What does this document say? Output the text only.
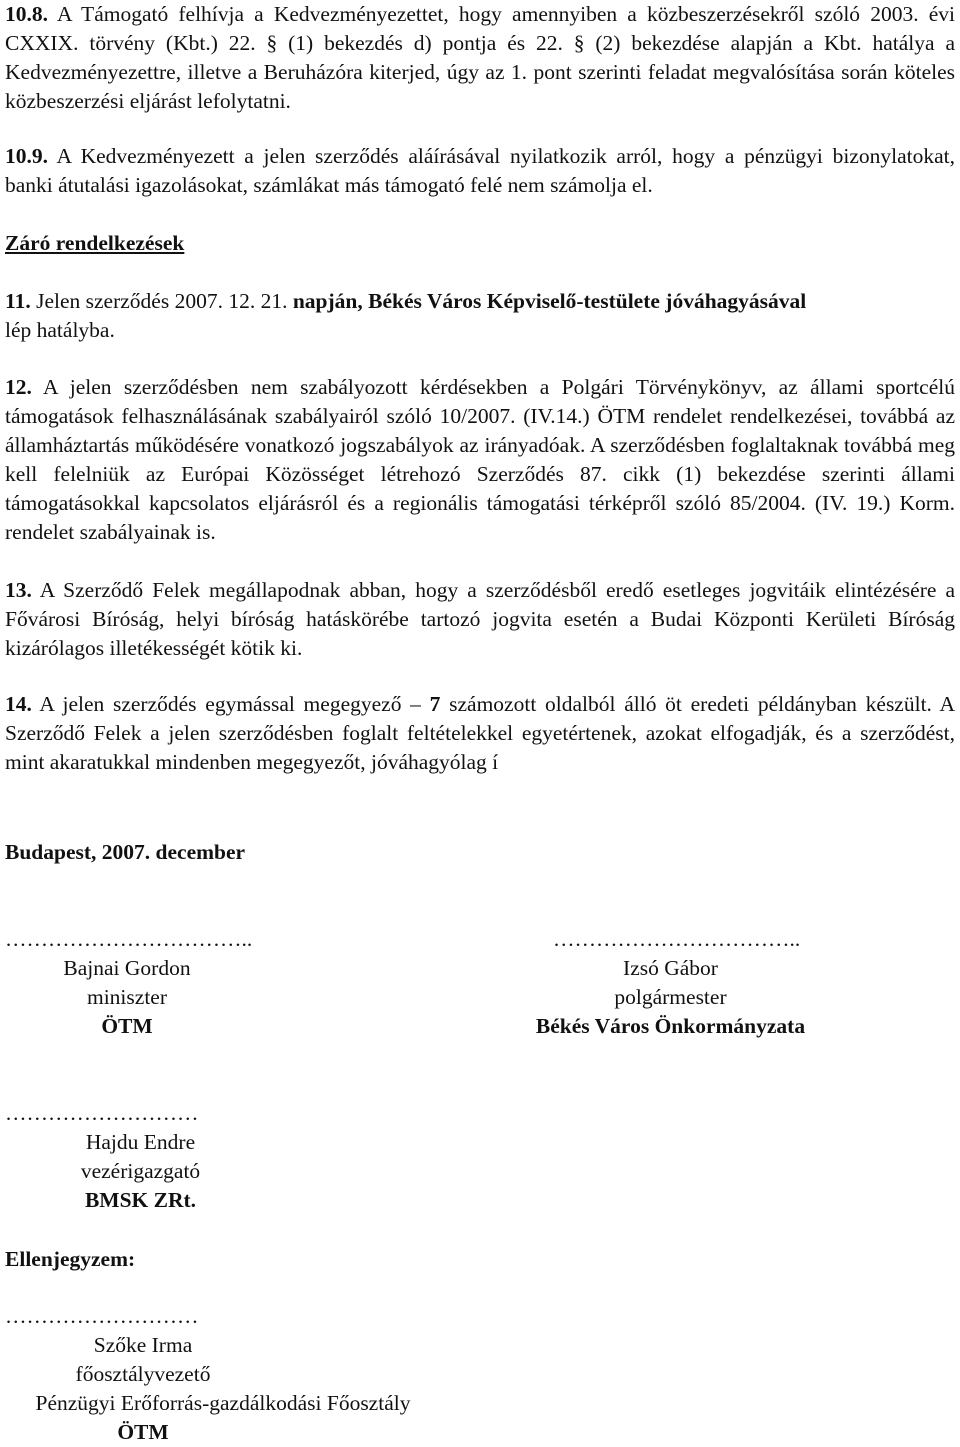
10.8. A Támogató felhívja a Kedvezményezettet, hogy amennyiben a közbeszerzésekről szóló 2003. évi CXXIX. törvény (Kbt.) 22. § (1) bekezdés d) pontja és 22. § (2) bekezdése alapján a Kbt. hatálya a Kedvezményezettre, illetve a Beruházóra kiterjed, úgy az 1. pont szerinti feladat megvalósítása során köteles közbeszerzési eljárást lefolytatni.

10.9. A Kedvezményezett a jelen szerződés aláírásával nyilatkozik arról, hogy a pénzügyi bizonylatokat, banki átutalási igazolásokat, számlákat más támogató felé nem számolja el.

Záró rendelkezések

11. Jelen szerződés 2007. 12. 21. napján, Békés Város Képviselő-testülete jóváhagyásával
lép hatályba.

12. A jelen szerződésben nem szabályozott kérdésekben a Polgári Törvénykönyv, az állami sportcélú támogatások felhasználásának szabályairól szóló 10/2007. (IV.14.) ÖTM rendelet rendelkezései, továbbá az államháztartás működésére vonatkozó jogszabályok az irányadóak. A szerződésben foglaltaknak továbbá meg kell felelniük az Európai Közösséget létrehozó Szerződés 87. cikk (1) bekezdése szerinti állami támogatásokkal kapcsolatos eljárásról és a regionális támogatási térképről szóló 85/2004. (IV. 19.) Korm. rendelet szabályainak is.

13. A Szerződő Felek megállapodnak abban, hogy a szerződésből eredő esetleges jogvitáik elintézésére a Fővárosi Bíróság, helyi bíróság hatáskörébe tartozó jogvita esetén a Budai Központi Kerületi Bíróság kizárólagos illetékességét kötik ki.

14. A jelen szerződés egymással megegyező – 7 számozott oldalból álló öt eredeti példányban készült. A Szerződő Felek a jelen szerződésben foglalt feltételekkel egyetértenek, azokat elfogadják, és a szerződést, mint akaratukkal mindenben megegyezőt, jóváhagyólag í

Budapest, 2007. december

……………………………..
Bajnai Gordon
miniszter
ÖTM
……………………………..
Izsó Gábor
polgármester
Békés Város Önkormányzata
………………………
Hajdu Endre
vezérigazgató
BMSK ZRt.

Ellenjegyzem:

………………………
Szőke Irma
főosztályvezető
Pénzügyi Erőforrás-gazdálkodási Főosztály
ÖTM
